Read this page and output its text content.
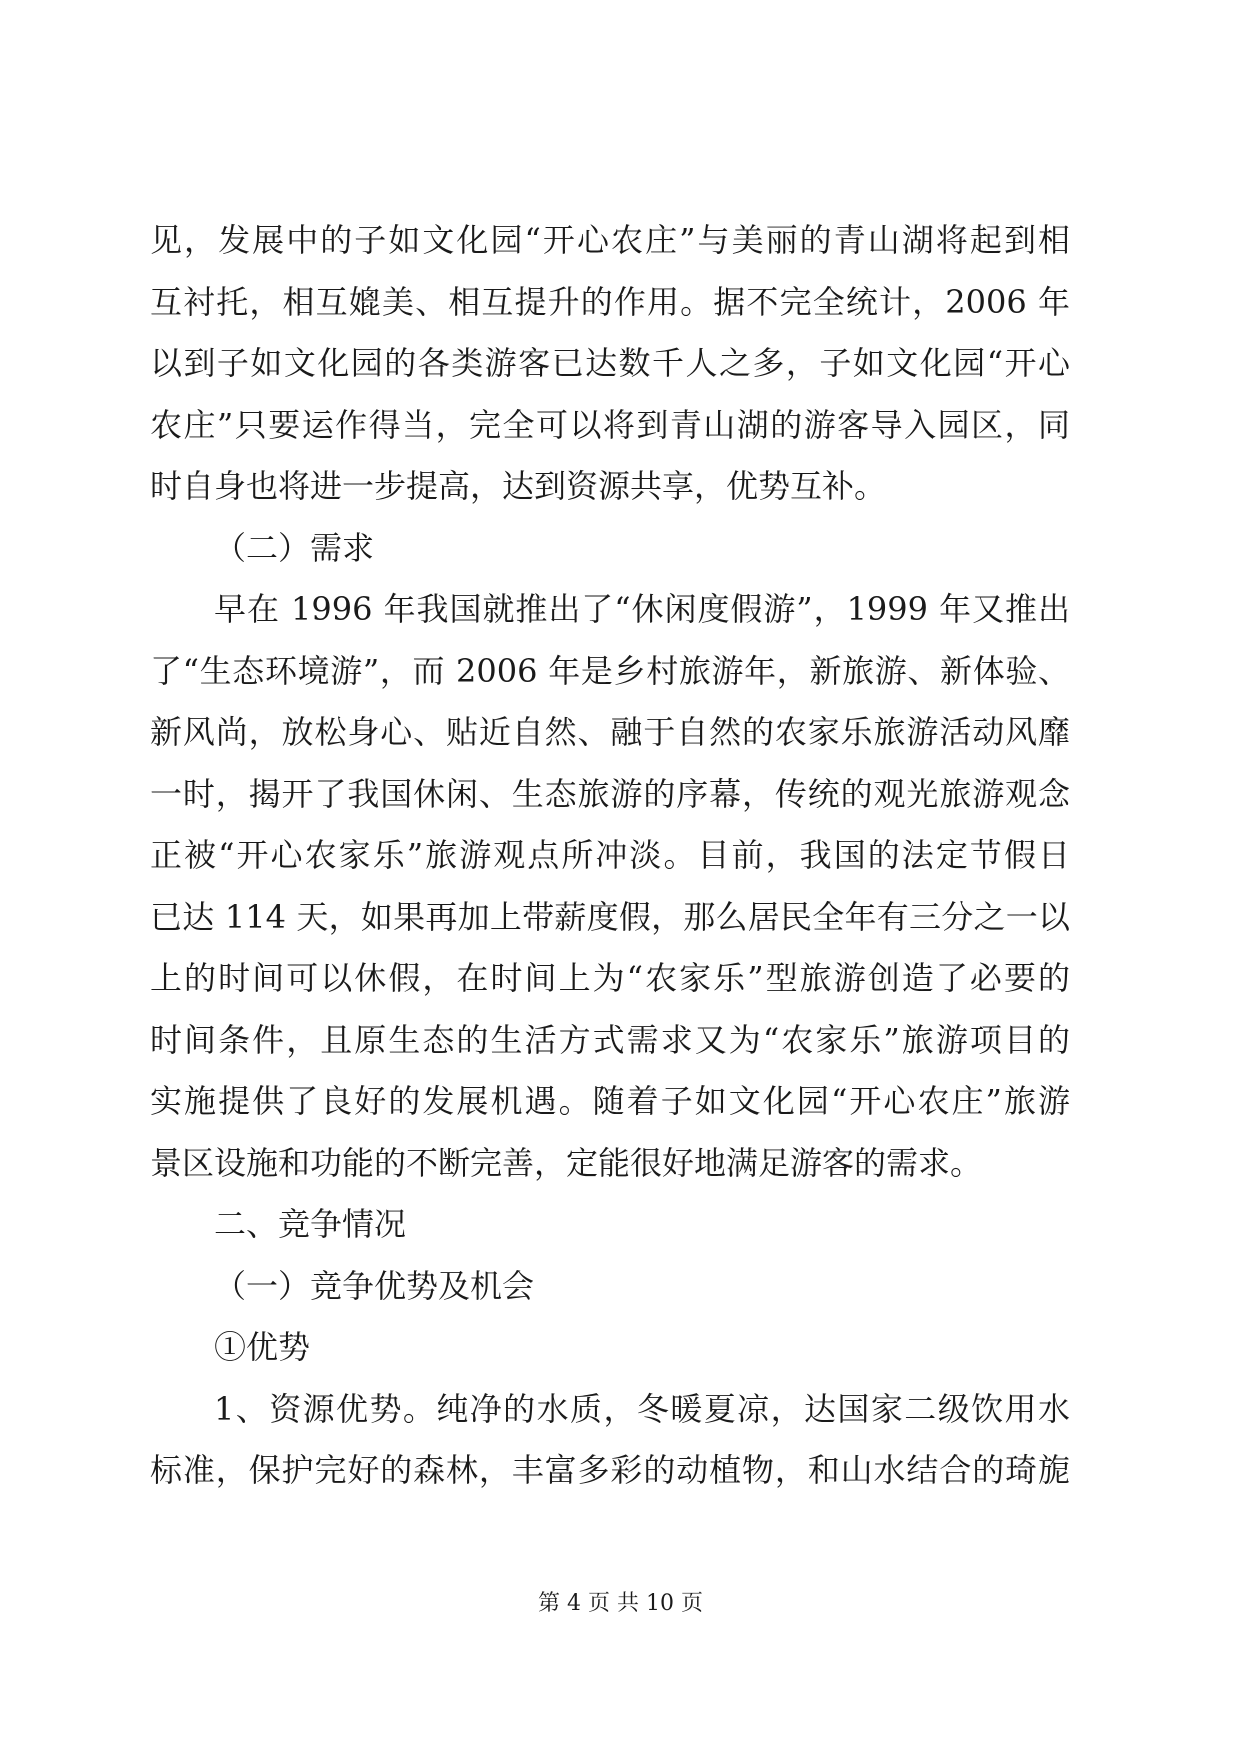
见，发展中的子如文化园“开心农庄”与美丽的青山湖将起到相
互衬托，相互媲美、相互提升的作用。据不完全统计，2006 年
以到子如文化园的各类游客已达数千人之多，子如文化园“开心
农庄”只要运作得当，完全可以将到青山湖的游客导入园区，同
时自身也将进一步提高，达到资源共享，优势互补。
（二）需求
早在 1996 年我国就推出了“休闲度假游”，1999 年又推出
了“生态环境游”，而 2006 年是乡村旅游年，新旅游、新体验、
新风尚，放松身心、贴近自然、融于自然的农家乐旅游活动风靡
一时，揭开了我国休闲、生态旅游的序幕，传统的观光旅游观念
正被“开心农家乐”旅游观点所冲淡。目前，我国的法定节假日
已达 114 天，如果再加上带薪度假，那么居民全年有三分之一以
上的时间可以休假，在时间上为“农家乐”型旅游创造了必要的
时间条件，且原生态的生活方式需求又为“农家乐”旅游项目的
实施提供了良好的发展机遇。随着子如文化园“开心农庄”旅游
景区设施和功能的不断完善，定能很好地满足游客的需求。
二、竞争情况
（一）竞争优势及机会
①优势
1、资源优势。纯净的水质，冬暖夏凉，达国家二级饮用水
标准，保护完好的森林，丰富多彩的动植物，和山水结合的琦旎
第 4 页 共 10 页
